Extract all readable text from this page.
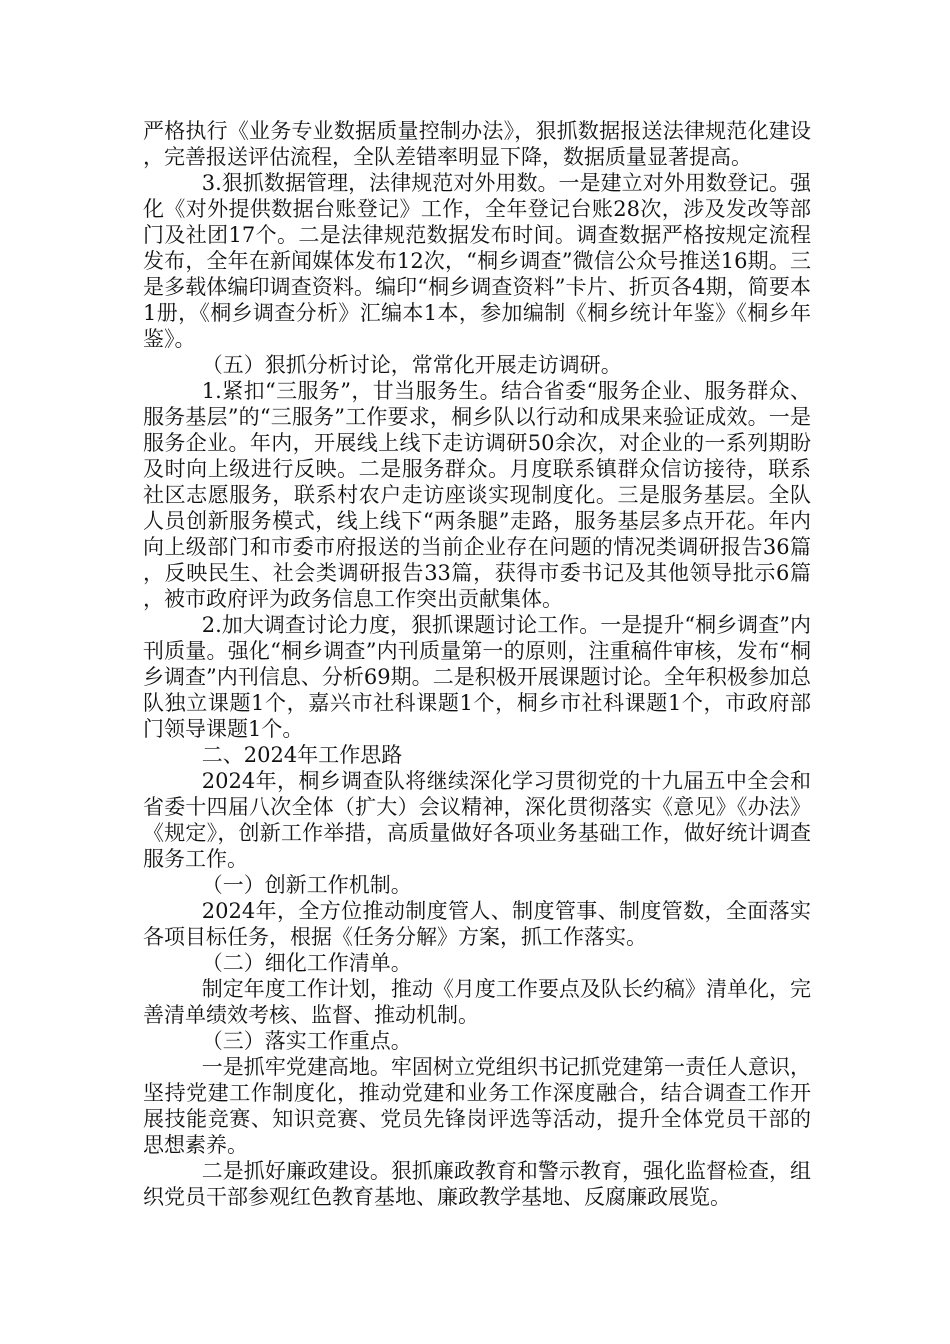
严格执行《业务专业数据质量控制办法》，狠抓数据报送法律规范化建设，完善报送评估流程，全队差错率明显下降，数据质量显著提高。

3.狠抓数据管理，法律规范对外用数。一是建立对外用数登记。强化《对外提供数据台账登记》工作，全年登记台账28次，涉及发改等部门及社团17个。二是法律规范数据发布时间。调查数据严格按规定流程发布，全年在新闻媒体发布12次，“桐乡调查”微信公众号推送16期。三是多载体编印调查资料。编印“桐乡调查资料”卡片、折页各4期，简要本1册，《桐乡调查分析》汇编本1本，参加编制《桐乡统计年鉴》《桐乡年鉴》。

（五）狠抓分析讨论，常常化开展走访调研。

1.紧扣“三服务”，甘当服务生。结合省委“服务企业、服务群众、服务基层”的“三服务”工作要求，桐乡队以行动和成果来验证成效。一是服务企业。年内，开展线上线下走访调研50余次，对企业的一系列期盼及时向上级进行反映。二是服务群众。月度联系镇群众信访接待，联系社区志愿服务，联系村农户走访座谈实现制度化。三是服务基层。全队人员创新服务模式，线上线下“两条腿”走路，服务基层多点开花。年内向上级部门和市委市府报送的当前企业存在问题的情况类调研报告36篇，反映民生、社会类调研报告33篇，获得市委书记及其他领导批示6篇，被市政府评为政务信息工作突出贡献集体。

2.加大调查讨论力度，狠抓课题讨论工作。一是提升“桐乡调查”内刊质量。强化“桐乡调查”内刊质量第一的原则，注重稿件审核，发布“桐乡调查”内刊信息、分析69期。二是积极开展课题讨论。全年积极参加总队独立课题1个，嘉兴市社科课题1个，桐乡市社科课题1个，市政府部门领导课题1个。

二、2024年工作思路

2024年，桐乡调查队将继续深化学习贯彻党的十九届五中全会和省委十四届八次全体（扩大）会议精神，深化贯彻落实《意见》《办法》《规定》，创新工作举措，高质量做好各项业务基础工作，做好统计调查服务工作。

（一）创新工作机制。

2024年，全方位推动制度管人、制度管事、制度管数，全面落实各项目标任务，根据《任务分解》方案，抓工作落实。

（二）细化工作清单。

制定年度工作计划，推动《月度工作要点及队长约稿》清单化，完善清单绩效考核、监督、推动机制。

（三）落实工作重点。

一是抓牢党建高地。牢固树立党组织书记抓党建第一责任人意识，坚持党建工作制度化，推动党建和业务工作深度融合，结合调查工作开展技能竞赛、知识竞赛、党员先锋岗评选等活动，提升全体党员干部的思想素养。

二是抓好廉政建设。狠抓廉政教育和警示教育，强化监督检查，组织党员干部参观红色教育基地、廉政教学基地、反腐廉政展览。
